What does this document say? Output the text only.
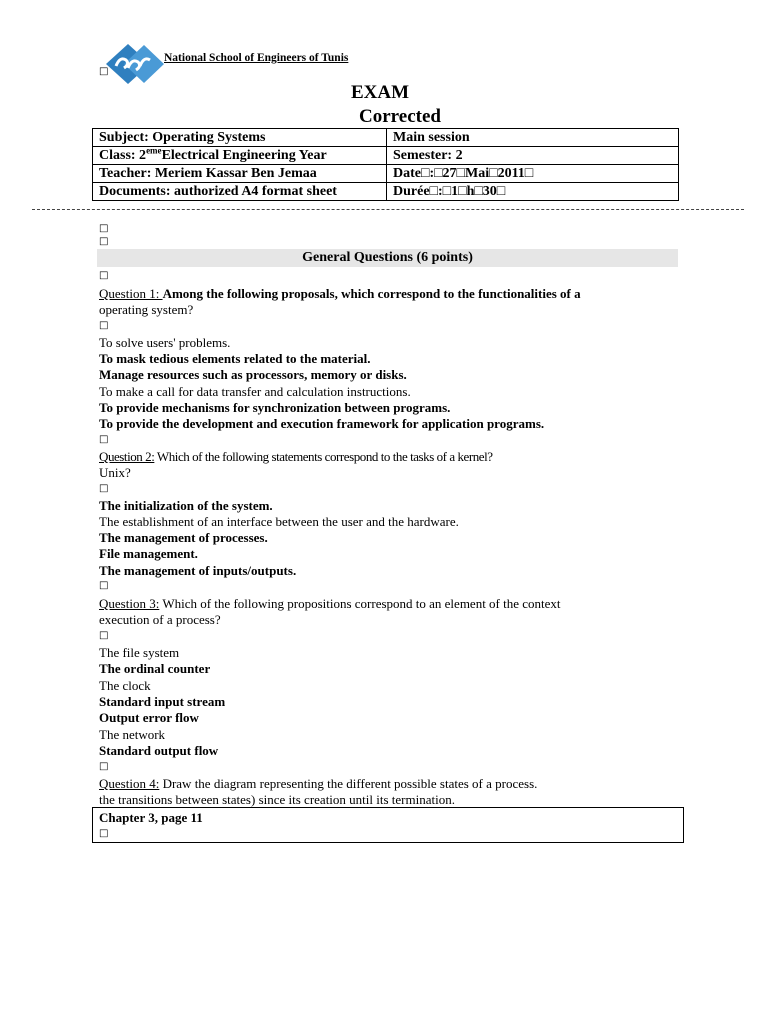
□
National School of Engineers of Tunis
EXAM
Corrected
Subject: Operating Systems	Main session
Class: 2emeElectrical Engineering Year	Semester: 2
Teacher: Meriem Kassar Ben Jemaa	Date□:□27□Mai□2011□
Documents: authorized A4 format sheet	Durée□:□1□h□30□
□
□
General Questions (6 points)
□
Question 1: Among the following proposals, which correspond to the functionalities of a
operating system?
□
To solve users' problems.
To mask tedious elements related to the material.
Manage resources such as processors, memory or disks.
To make a call for data transfer and calculation instructions.
To provide mechanisms for synchronization between programs.
To provide the development and execution framework for application programs.
□
Question 2: Which of the following statements correspond to the tasks of a kernel?
Unix?
□
The initialization of the system.
The establishment of an interface between the user and the hardware.
The management of processes.
File management.
The management of inputs/outputs.
□
Question 3: Which of the following propositions correspond to an element of the context
execution of a process?
□
The file system
The ordinal counter
The clock
Standard input stream
Output error flow
The network
Standard output flow
□
Question 4: Draw the diagram representing the different possible states of a process.
the transitions between states) since its creation until its termination.
Chapter 3, page 11
□
